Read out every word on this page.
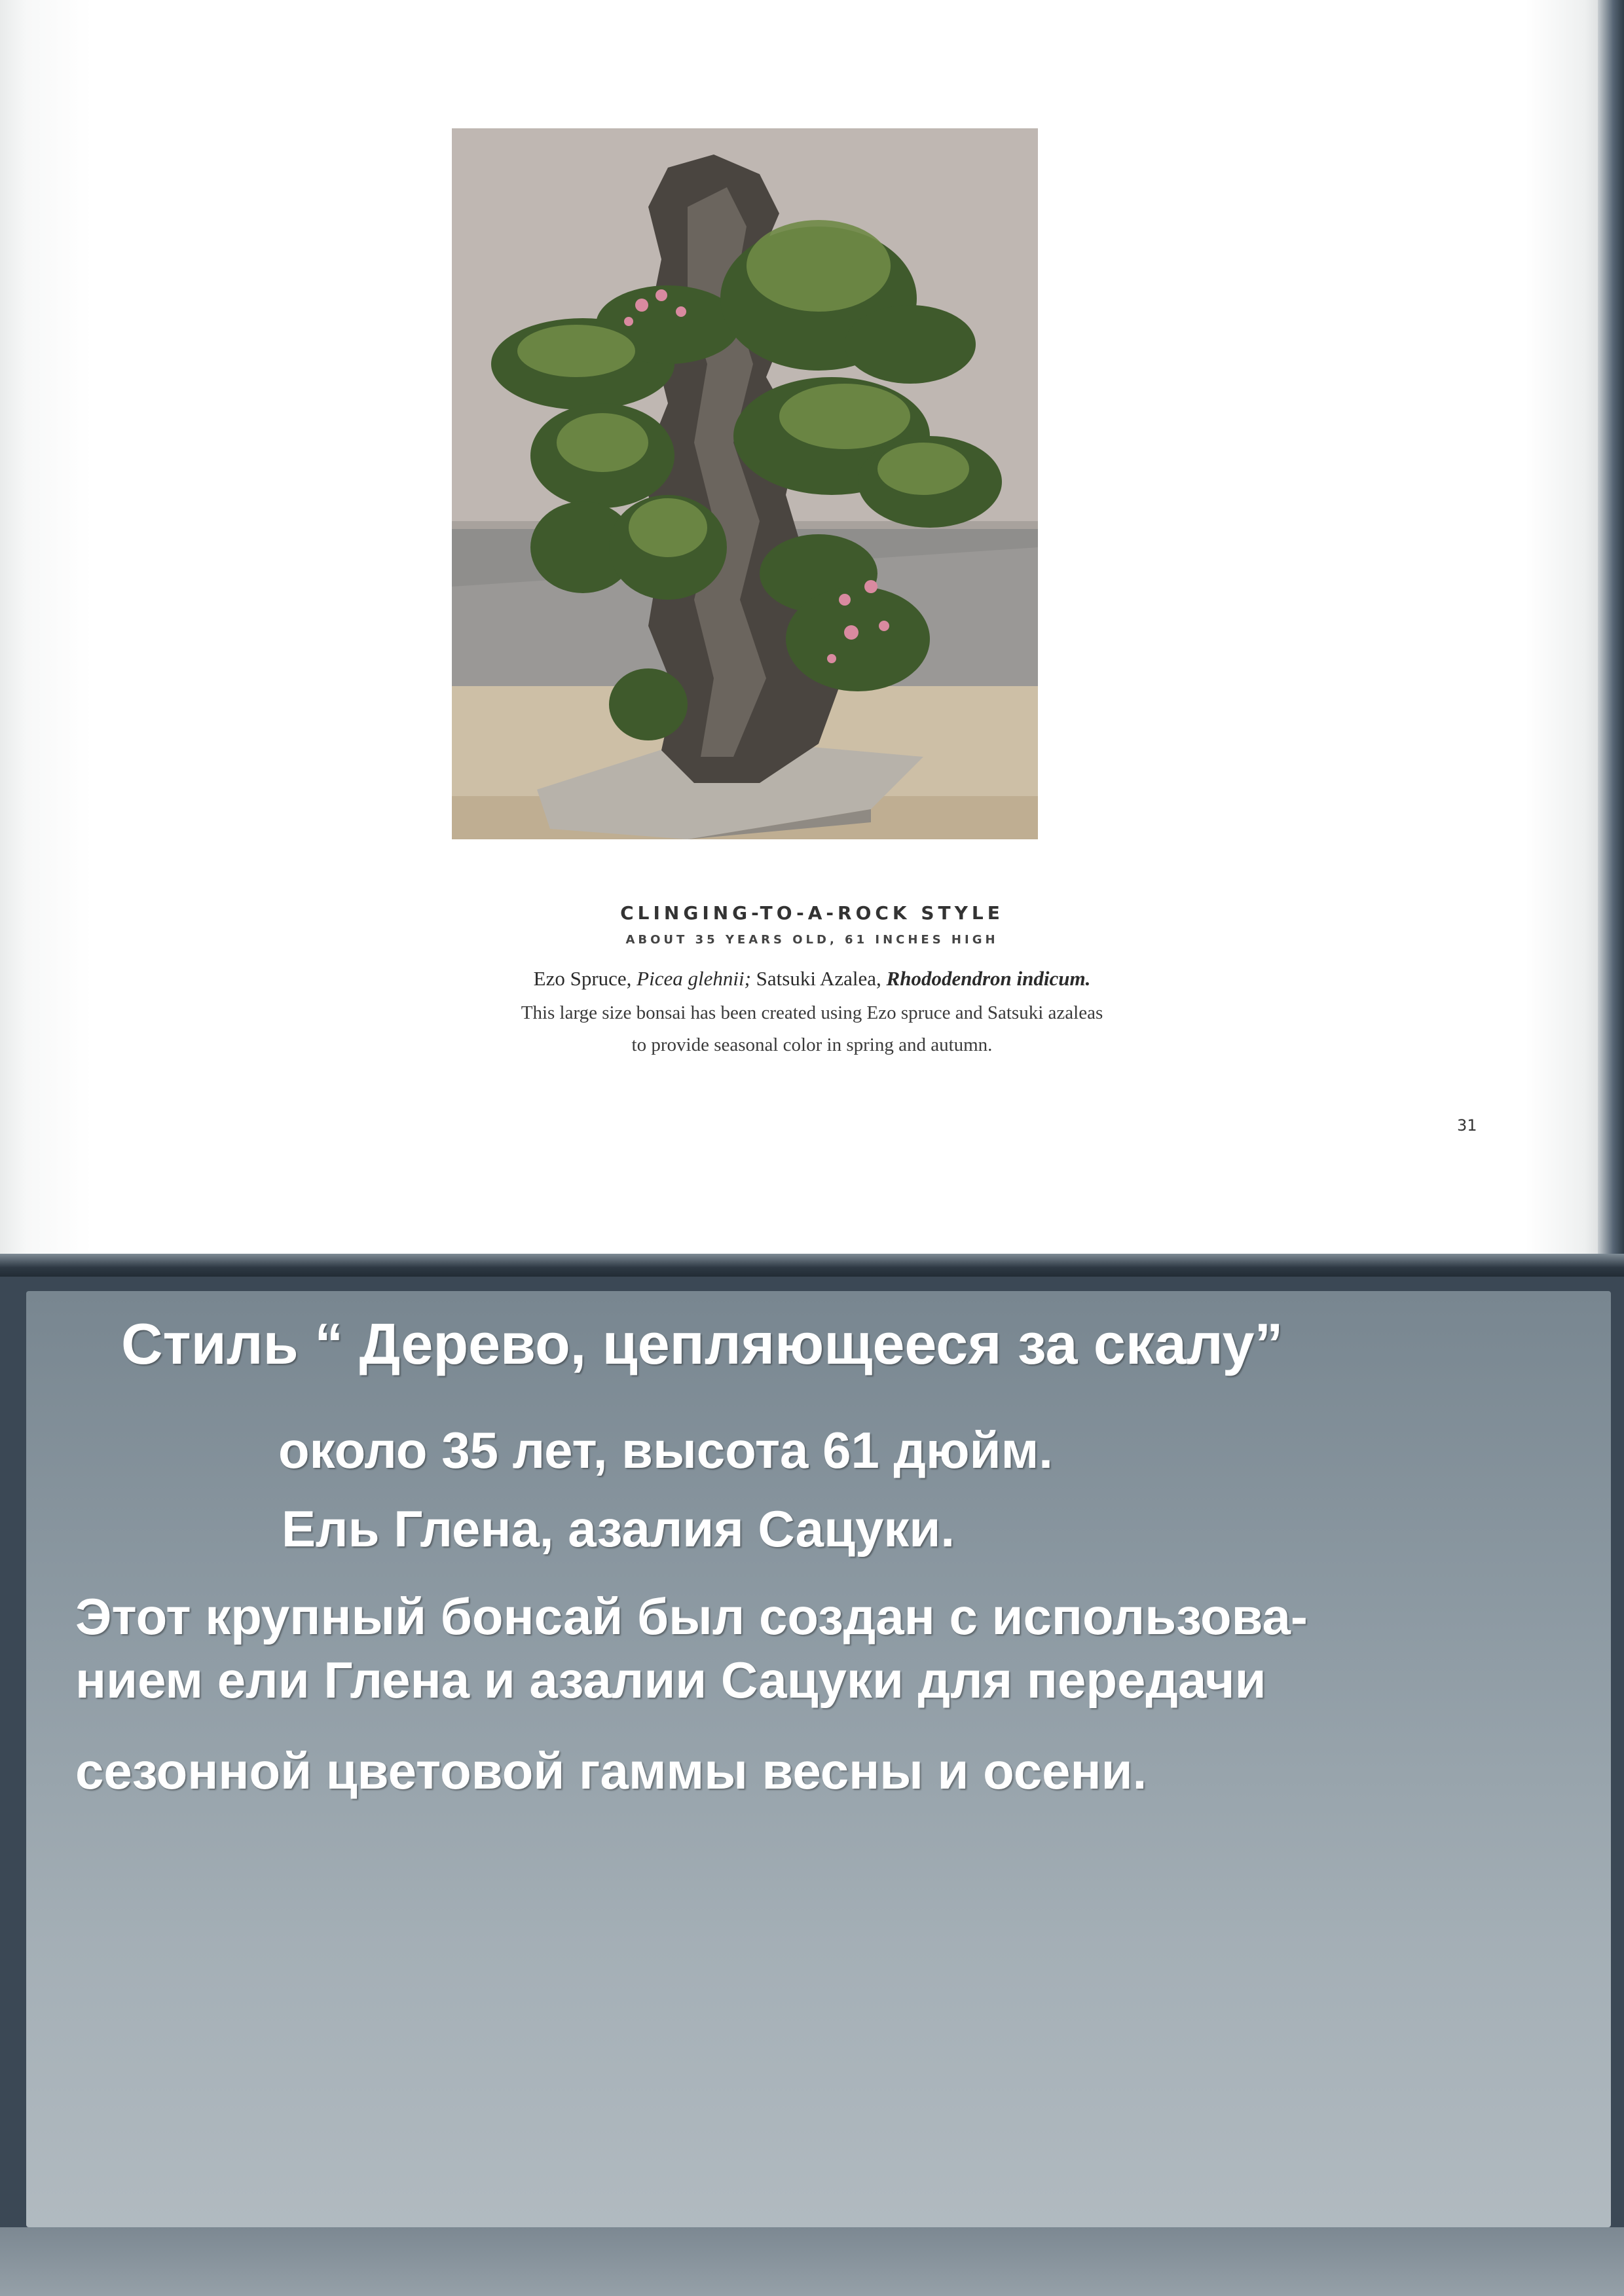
CLINGING-TO-A-ROCK STYLE
ABOUT 35 YEARS OLD, 61 INCHES HIGH
Ezo Spruce, Picea glehnii; Satsuki Azalea, Rhododendron indicum.
This large size bonsai has been created using Ezo spruce and Satsuki azaleas
to provide seasonal color in spring and autumn.
31
Стиль “ Дерево, цепляющееся за скалу”
около 35 лет, высота 61 дюйм.
Ель Глена, азалия Сацуки.
Этот крупный бонсай был создан с использова-
нием ели Глена и азалии Сацуки для передачи
сезонной цветовой гаммы весны и осени.
